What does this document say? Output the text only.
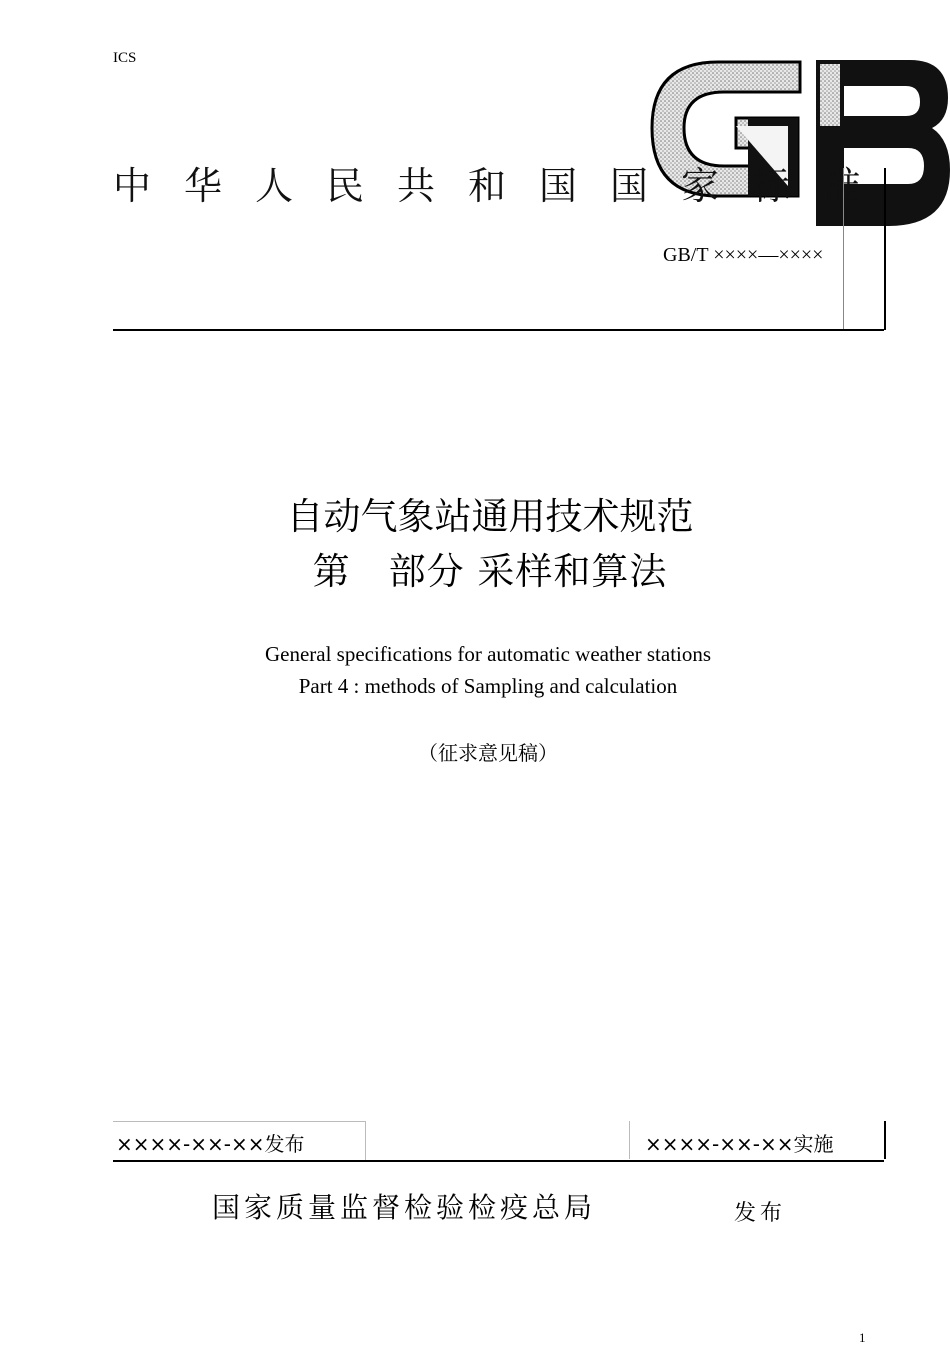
ICS
中华人民共和国国家标准
GB/T ××××—××××
自动气象站通用技术规范
第　部分 采样和算法
General specifications for automatic weather stations
Part 4 : methods of Sampling and calculation
（征求意见稿）
××××-××-××发布	××××-××-××实施
国家质量监督检验检疫总局	发布
1
